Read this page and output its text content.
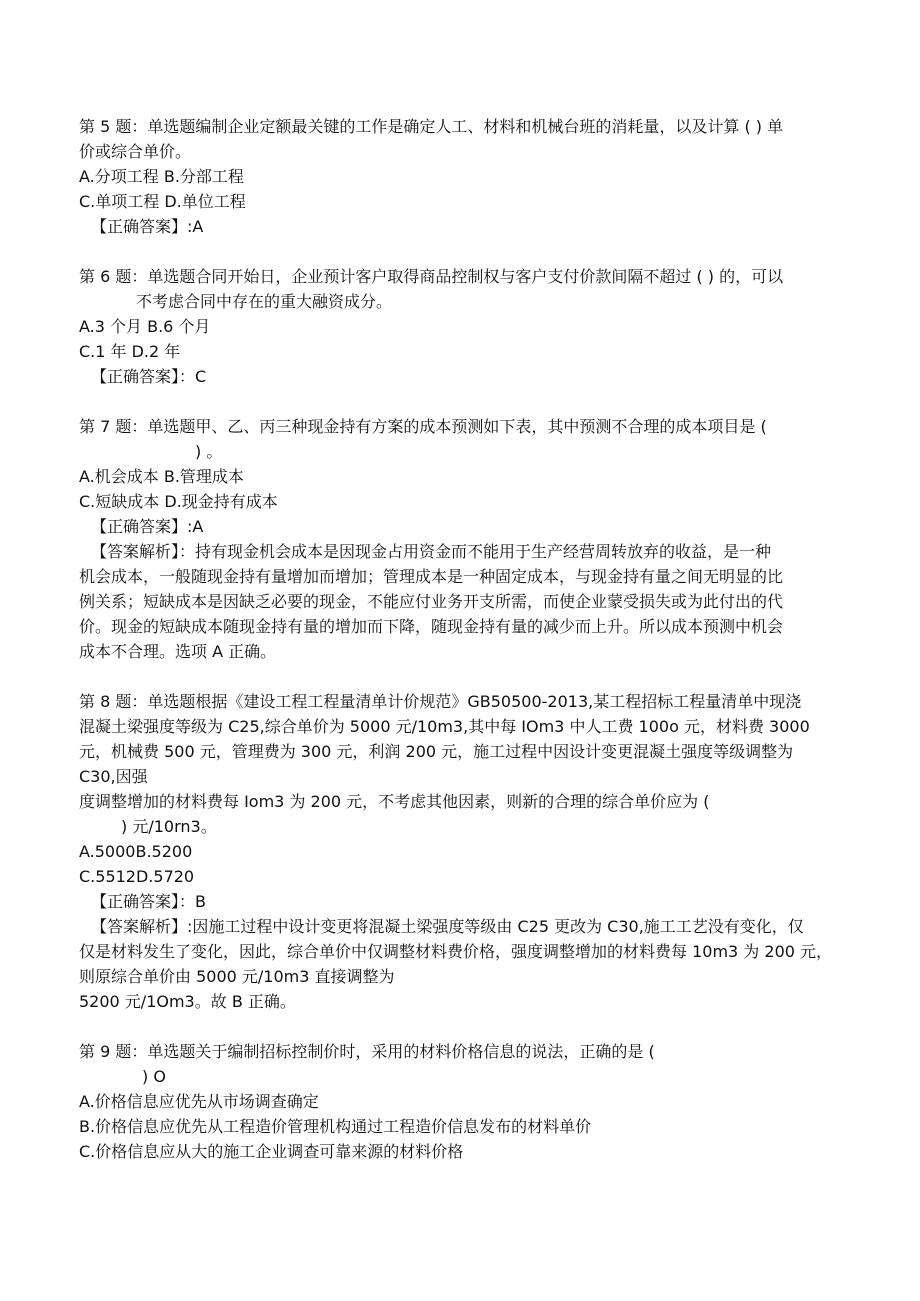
第 5 题：单选题编制企业定额最关键的工作是确定人工、材料和机械台班的消耗量，以及计算 ( ) 单
价或综合单价。
A.分项工程 B.分部工程
C.单项工程 D.单位工程
【正确答案】:A
第 6 题：单选题合同开始日，企业预计客户取得商品控制权与客户支付价款间隔不超过 ( ) 的，可以
不考虑合同中存在的重大融资成分。
A.3 个月 B.6 个月
C.1 年 D.2 年
【正确答案】：C
第 7 题：单选题甲、乙、丙三种现金持有方案的成本预测如下表，其中预测不合理的成本项目是 (
) 。
A.机会成本 B.管理成本
C.短缺成本 D.现金持有成本
【正确答案】:A
【答案解析】：持有现金机会成本是因现金占用资金而不能用于生产经营周转放弃的收益，是一种
机会成本，一般随现金持有量增加而增加；管理成本是一种固定成本，与现金持有量之间无明显的比
例关系；短缺成本是因缺乏必要的现金，不能应付业务开支所需，而使企业蒙受损失或为此付出的代
价。现金的短缺成本随现金持有量的增加而下降，随现金持有量的减少而上升。所以成本预测中机会
成本不合理。选项 A 正确。
第 8 题：单选题根据《建设工程工程量清单计价规范》GB50500-2013,某工程招标工程量清单中现浇
混凝土梁强度等级为 C25,综合单价为 5000 元/10m3,其中每 IOm3 中人工费 100o 元，材料费 3000
元，机械费 500 元，管理费为 300 元，利润 200 元，施工过程中因设计变更混凝土强度等级调整为
C30,因强
度调整增加的材料费每 Iom3 为 200 元，不考虑其他因素，则新的合理的综合单价应为 (
) 元/10rn3。
A.5000B.5200
C.5512D.5720
【正确答案】：B
【答案解析】:因施工过程中设计变更将混凝土梁强度等级由 C25 更改为 C30,施工工艺没有变化，仅
仅是材料发生了变化，因此，综合单价中仅调整材料费价格，强度调整增加的材料费每 10m3 为 200 元，
则原综合单价由 5000 元/10m3 直接调整为
5200 元/1Om3。故 B 正确。
第 9 题：单选题关于编制招标控制价时，采用的材料价格信息的说法，正确的是 (
) O
A.价格信息应优先从市场调查确定
B.价格信息应优先从工程造价管理机构通过工程造价信息发布的材料单价
C.价格信息应从大的施工企业调查可靠来源的材料价格
